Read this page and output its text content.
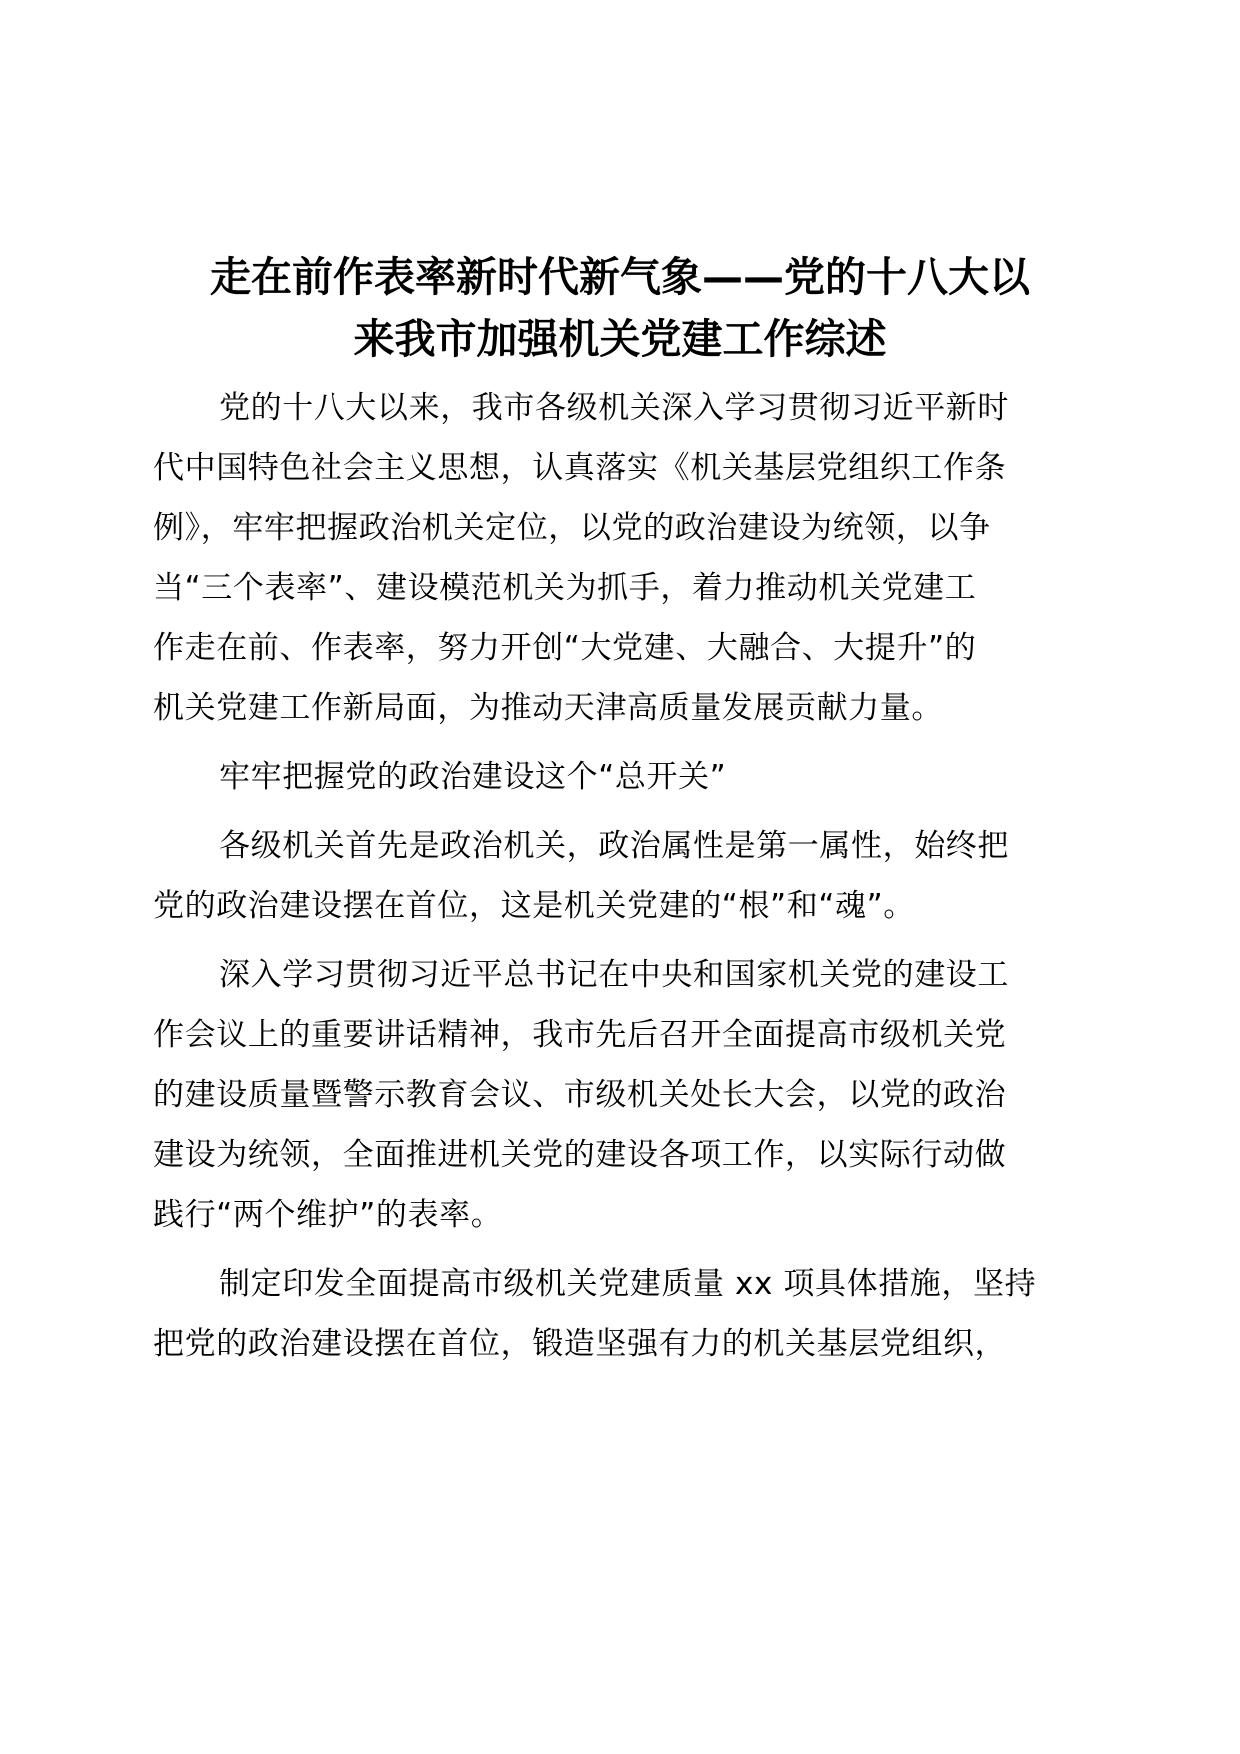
走在前作表率新时代新气象——党的十八大以
来我市加强机关党建工作综述

党的十八大以来，我市各级机关深入学习贯彻习近平新时
代中国特色社会主义思想，认真落实《机关基层党组织工作条
例》，牢牢把握政治机关定位，以党的政治建设为统领，以争
当“三个表率”、建设模范机关为抓手，着力推动机关党建工
作走在前、作表率，努力开创“大党建、大融合、大提升”的
机关党建工作新局面，为推动天津高质量发展贡献力量。

牢牢把握党的政治建设这个“总开关”

各级机关首先是政治机关，政治属性是第一属性，始终把
党的政治建设摆在首位，这是机关党建的“根”和“魂”。

深入学习贯彻习近平总书记在中央和国家机关党的建设工
作会议上的重要讲话精神，我市先后召开全面提高市级机关党
的建设质量暨警示教育会议、市级机关处长大会，以党的政治
建设为统领，全面推进机关党的建设各项工作，以实际行动做
践行“两个维护”的表率。

制定印发全面提高市级机关党建质量 xx 项具体措施，坚持
把党的政治建设摆在首位，锻造坚强有力的机关基层党组织，
